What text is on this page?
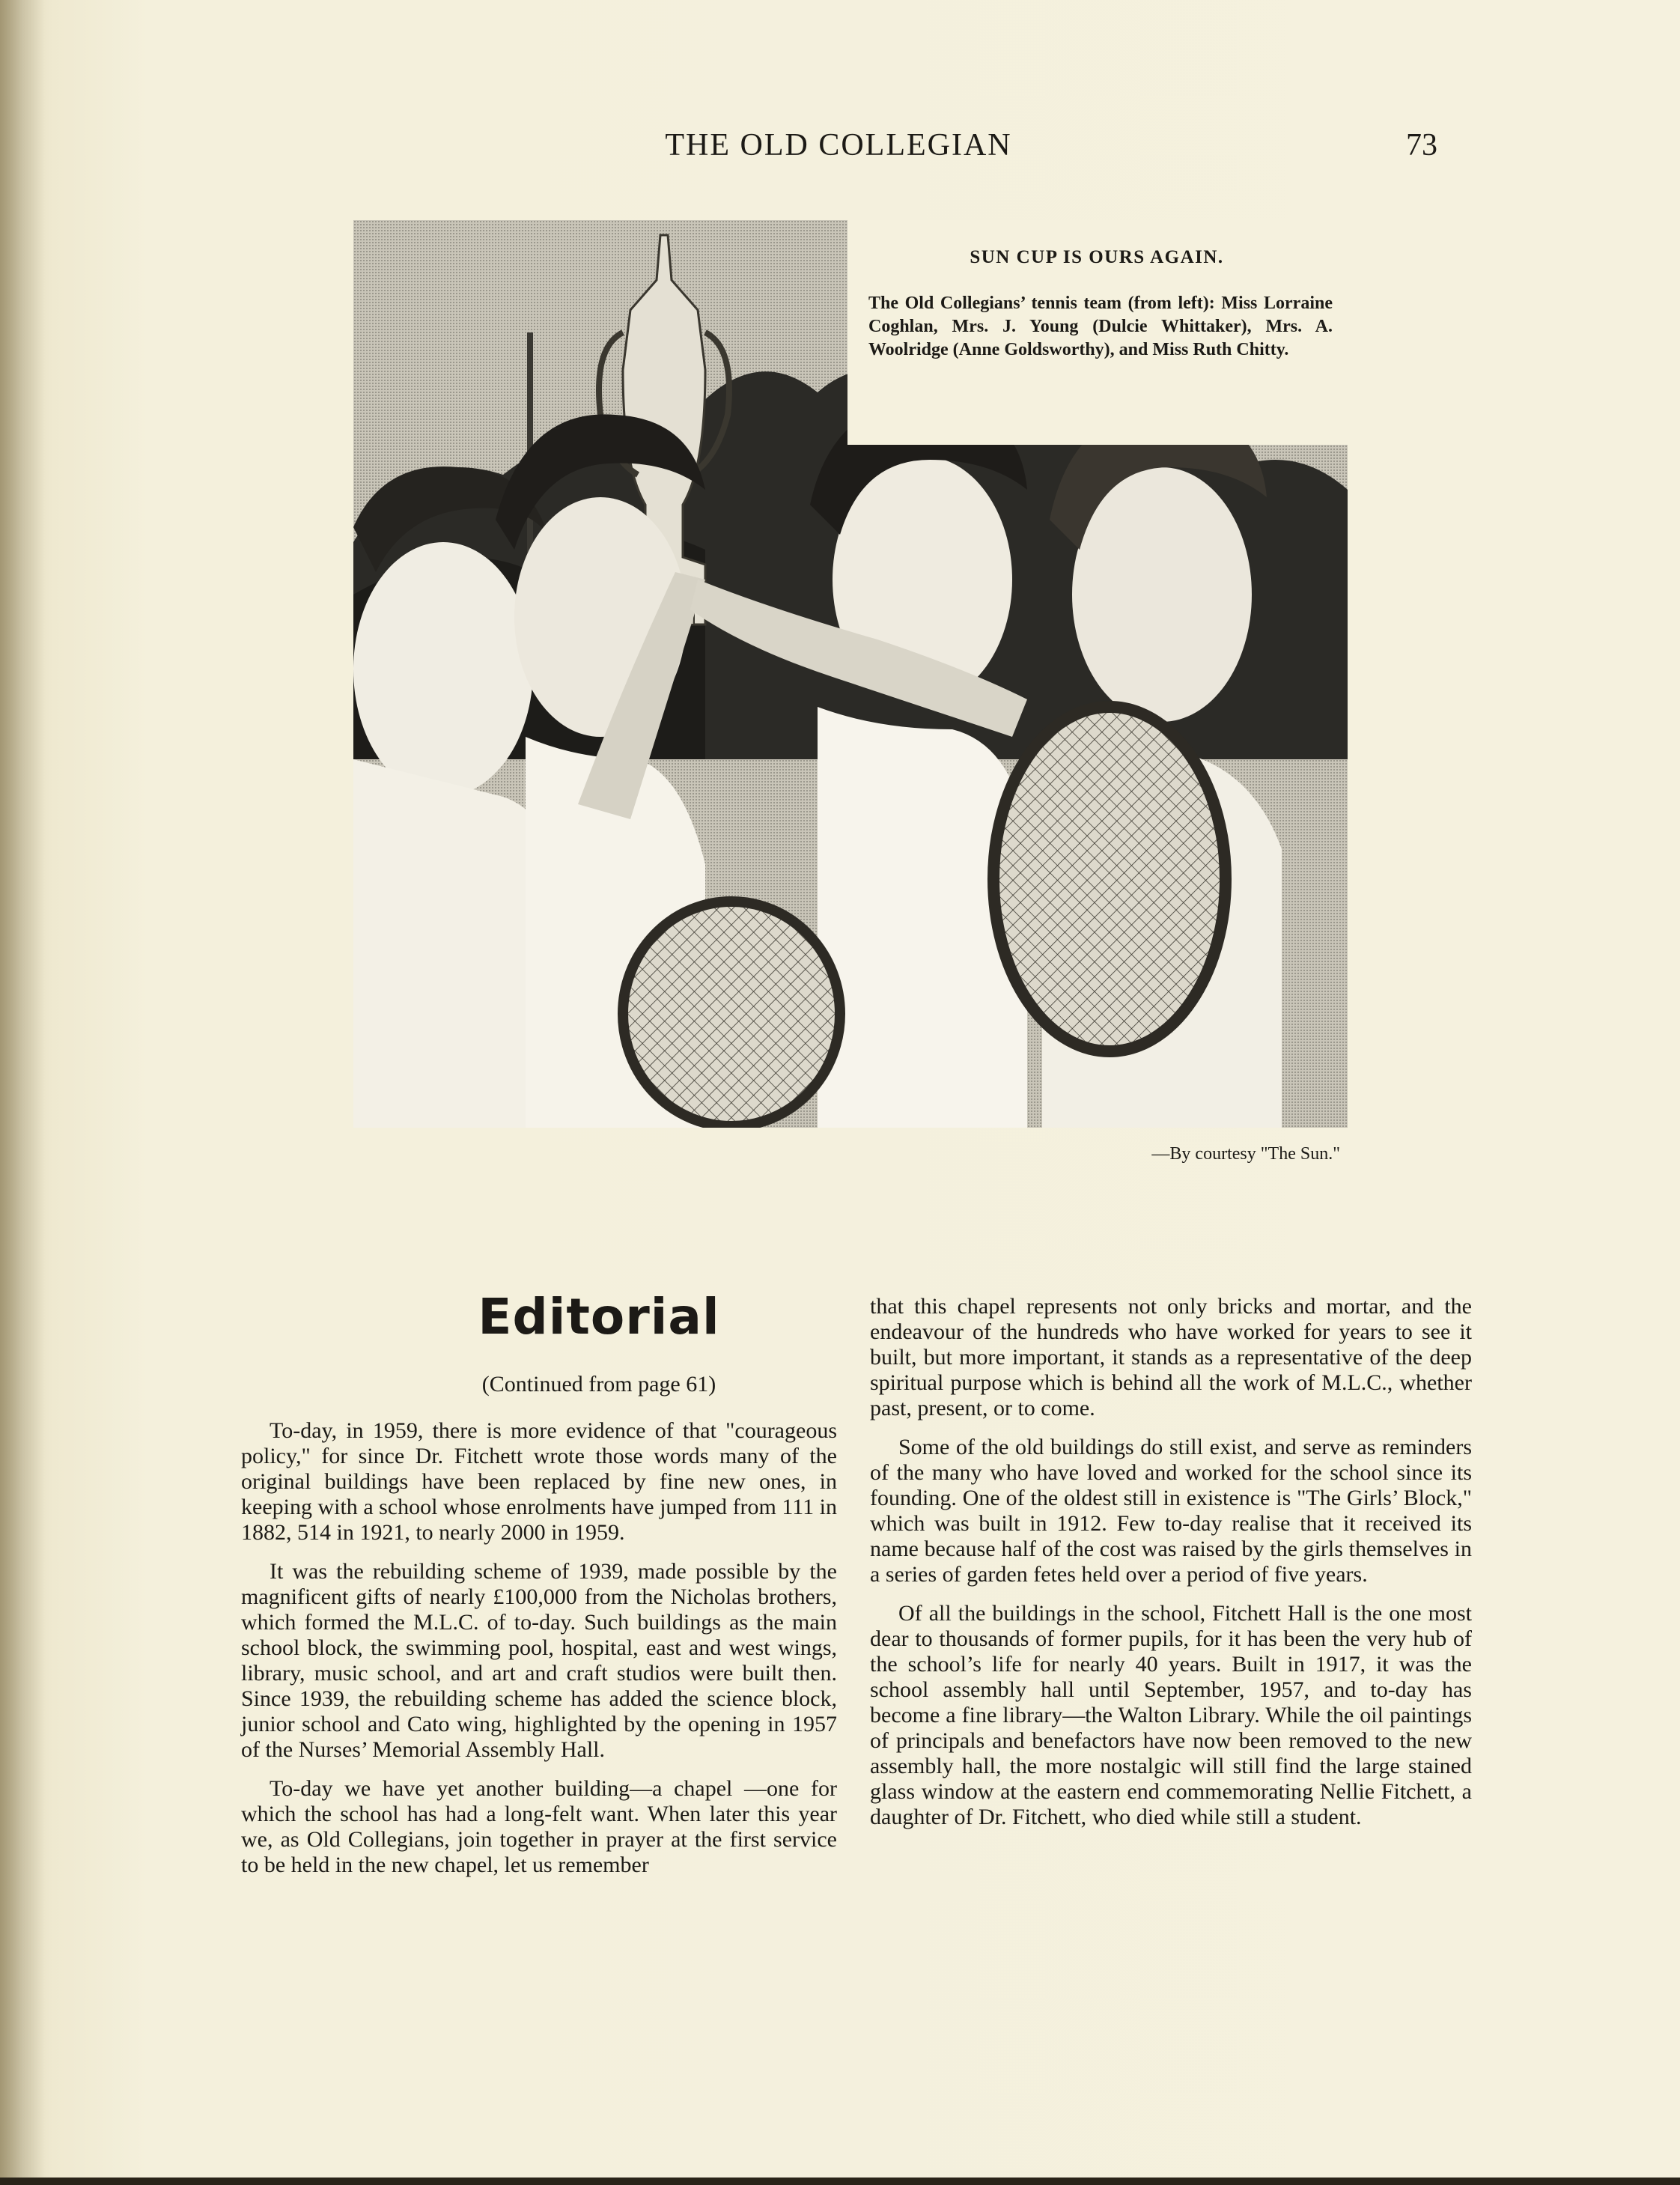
THE OLD COLLEGIAN	73
SUN CUP IS OURS AGAIN.
The Old Collegians’ tennis team (from left): Miss Lorraine Coghlan, Mrs. J. Young (Dulcie Whittaker), Mrs. A. Woolridge (Anne Goldsworthy), and Miss Ruth Chitty.
—By courtesy "The Sun."
Editorial
(Continued from page 61)

To-day, in 1959, there is more evidence of that "courageous policy," for since Dr. Fitchett wrote those words many of the original buildings have been replaced by fine new ones, in keeping with a school whose enrolments have jumped from 111 in 1882, 514 in 1921, to nearly 2000 in 1959.

It was the rebuilding scheme of 1939, made possible by the magnificent gifts of nearly £100,000 from the Nicholas brothers, which formed the M.L.C. of to-day. Such buildings as the main school block, the swimming pool, hospital, east and west wings, library, music school, and art and craft studios were built then. Since 1939, the rebuilding scheme has added the science block, junior school and Cato wing, highlighted by the opening in 1957 of the Nurses’ Memorial Assembly Hall.

To-day we have yet another building—a chapel —one for which the school has had a long-felt want. When later this year we, as Old Collegians, join together in prayer at the first service to be held in the new chapel, let us remember

that this chapel represents not only bricks and mortar, and the endeavour of the hundreds who have worked for years to see it built, but more important, it stands as a representative of the deep spiritual purpose which is behind all the work of M.L.C., whether past, present, or to come.

Some of the old buildings do still exist, and serve as reminders of the many who have loved and worked for the school since its founding. One of the oldest still in existence is "The Girls’ Block," which was built in 1912. Few to-day realise that it received its name because half of the cost was raised by the girls themselves in a series of garden fetes held over a period of five years.

Of all the buildings in the school, Fitchett Hall is the one most dear to thousands of former pupils, for it has been the very hub of the school’s life for nearly 40 years. Built in 1917, it was the school assembly hall until September, 1957, and to-day has become a fine library—the Walton Library. While the oil paintings of principals and benefactors have now been removed to the new assembly hall, the more nostalgic will still find the large stained glass window at the eastern end commemorating Nellie Fitchett, a daughter of Dr. Fitchett, who died while still a student.
